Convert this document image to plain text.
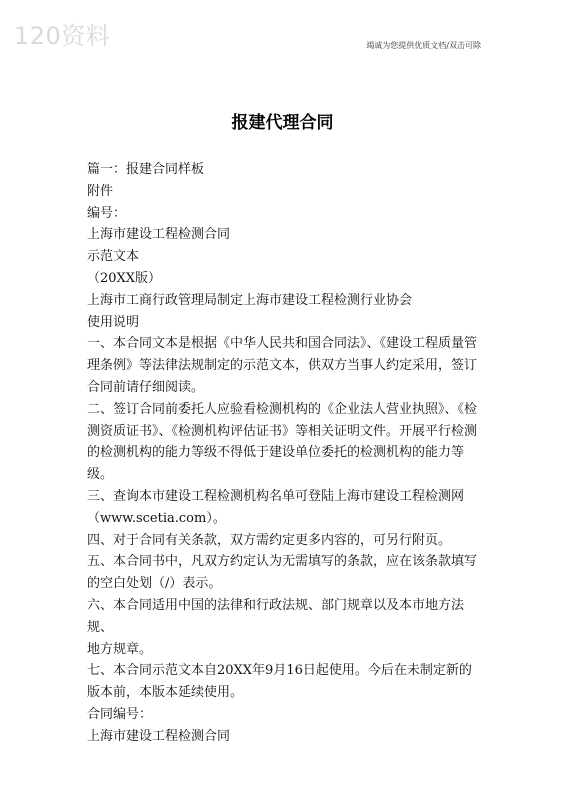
120资料	竭诚为您提供优质文档/双击可除
报建代理合同

篇一：报建合同样板

附件

编号：

上海市建设工程检测合同

示范文本

（20XX版）

上海市工商行政管理局制定上海市建设工程检测行业协会

使用说明

一、本合同文本是根据《中华人民共和国合同法》、《建设工程质量管

理条例》等法律法规制定的示范文本，供双方当事人约定采用，签订

合同前请仔细阅读。

二、签订合同前委托人应验看检测机构的《企业法人营业执照》、《检

测资质证书》、《检测机构评估证书》等相关证明文件。开展平行检测

的检测机构的能力等级不得低于建设单位委托的检测机构的能力等

级。

三、查询本市建设工程检测机构名单可登陆上海市建设工程检测网

（www.scetia.com）。

四、对于合同有关条款，双方需约定更多内容的，可另行附页。

五、本合同书中，凡双方约定认为无需填写的条款，应在该条款填写

的空白处划（/）表示。

六、本合同适用中国的法律和行政法规、部门规章以及本市地方法规、

地方规章。

七、本合同示范文本自20XX年9月16日起使用。今后在未制定新的

版本前，本版本延续使用。

合同编号：

上海市建设工程检测合同
